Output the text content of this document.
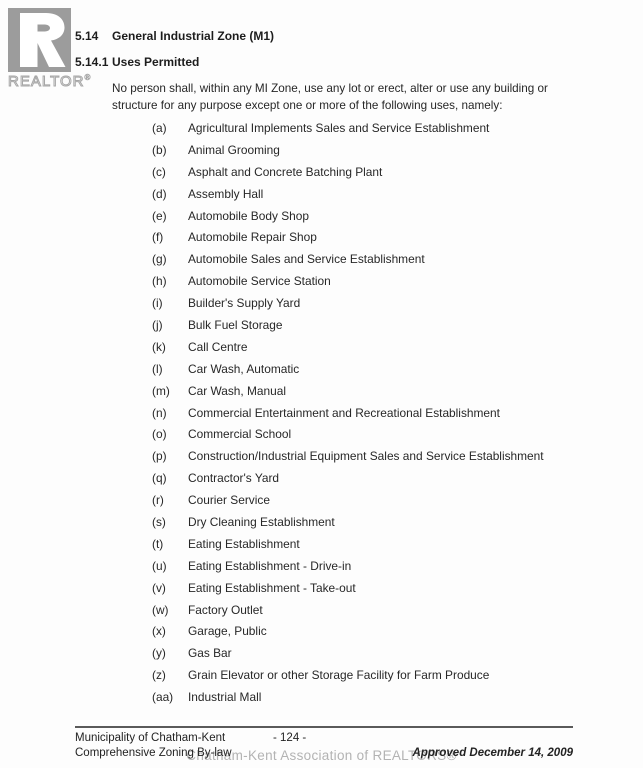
REALTOR®
5.14 General Industrial Zone (M1)
5.14.1 Uses Permitted
No person shall, within any MI Zone, use any lot or erect, alter or use any building or
structure for any purpose except one or more of the following uses, namely:
(a)	Agricultural Implements Sales and Service Establishment
(b)	Animal Grooming
(c)	Asphalt and Concrete Batching Plant
(d)	Assembly Hall
(e)	Automobile Body Shop
(f)	Automobile Repair Shop
(g)	Automobile Sales and Service Establishment
(h)	Automobile Service Station
(i)	Builder's Supply Yard
(j)	Bulk Fuel Storage
(k)	Call Centre
(l)	Car Wash, Automatic
(m)	Car Wash, Manual
(n)	Commercial Entertainment and Recreational Establishment
(o)	Commercial School
(p)	Construction/Industrial Equipment Sales and Service Establishment
(q)	Contractor's Yard
(r)	Courier Service
(s)	Dry Cleaning Establishment
(t)	Eating Establishment
(u)	Eating Establishment - Drive-in
(v)	Eating Establishment - Take-out
(w)	Factory Outlet
(x)	Garage, Public
(y)	Gas Bar
(z)	Grain Elevator or other Storage Facility for Farm Produce
(aa)	Industrial Mall
Municipality of Chatham-Kent	- 124 -
Comprehensive Zoning By-law	Approved December 14, 2009
Chatham-Kent Association of REALTORS®
